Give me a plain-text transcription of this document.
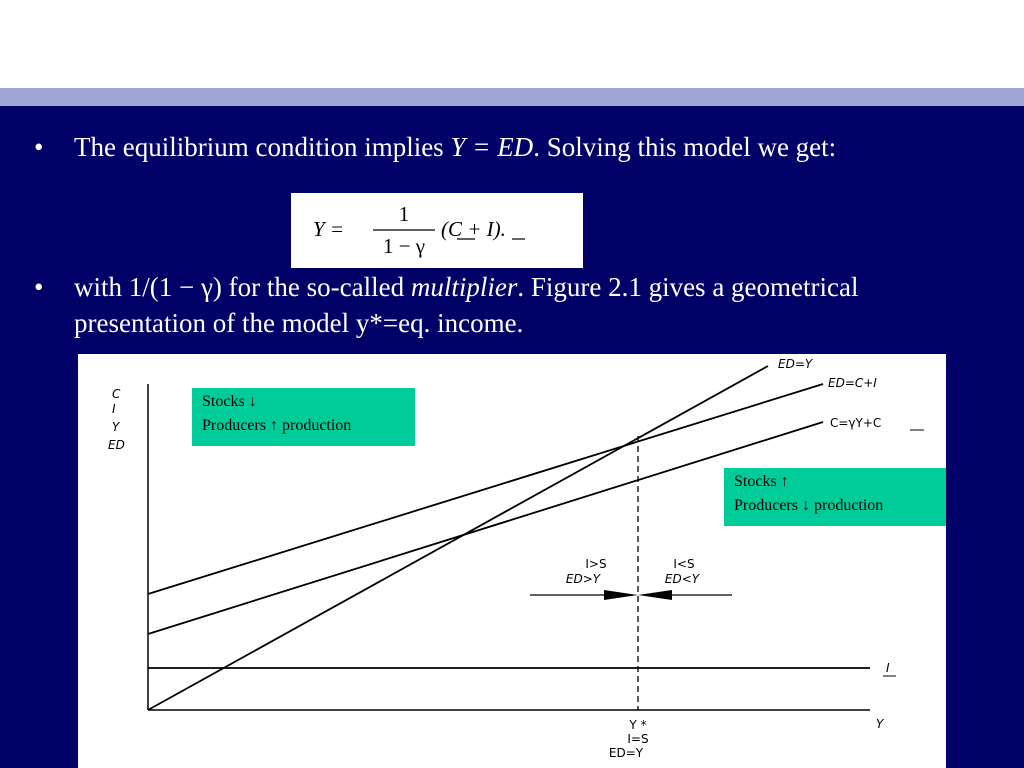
• The equilibrium condition implies Y = ED. Solving this model we get:
Y =
1
1 − γ
(C + I).
• with 1/(1 − γ) for the so-called multiplier. Figure 2.1 gives a geometrical presentation of the model y*=eq. income.
C
I
Y
ED
ED=Y
ED=C+I
C=γY+C
I
I>S
ED>Y
I<S
ED<Y
Y
Y *
I=S
ED=Y
Stocks ↓
Producers ↑ production
Stocks ↑
Producers ↓ production
